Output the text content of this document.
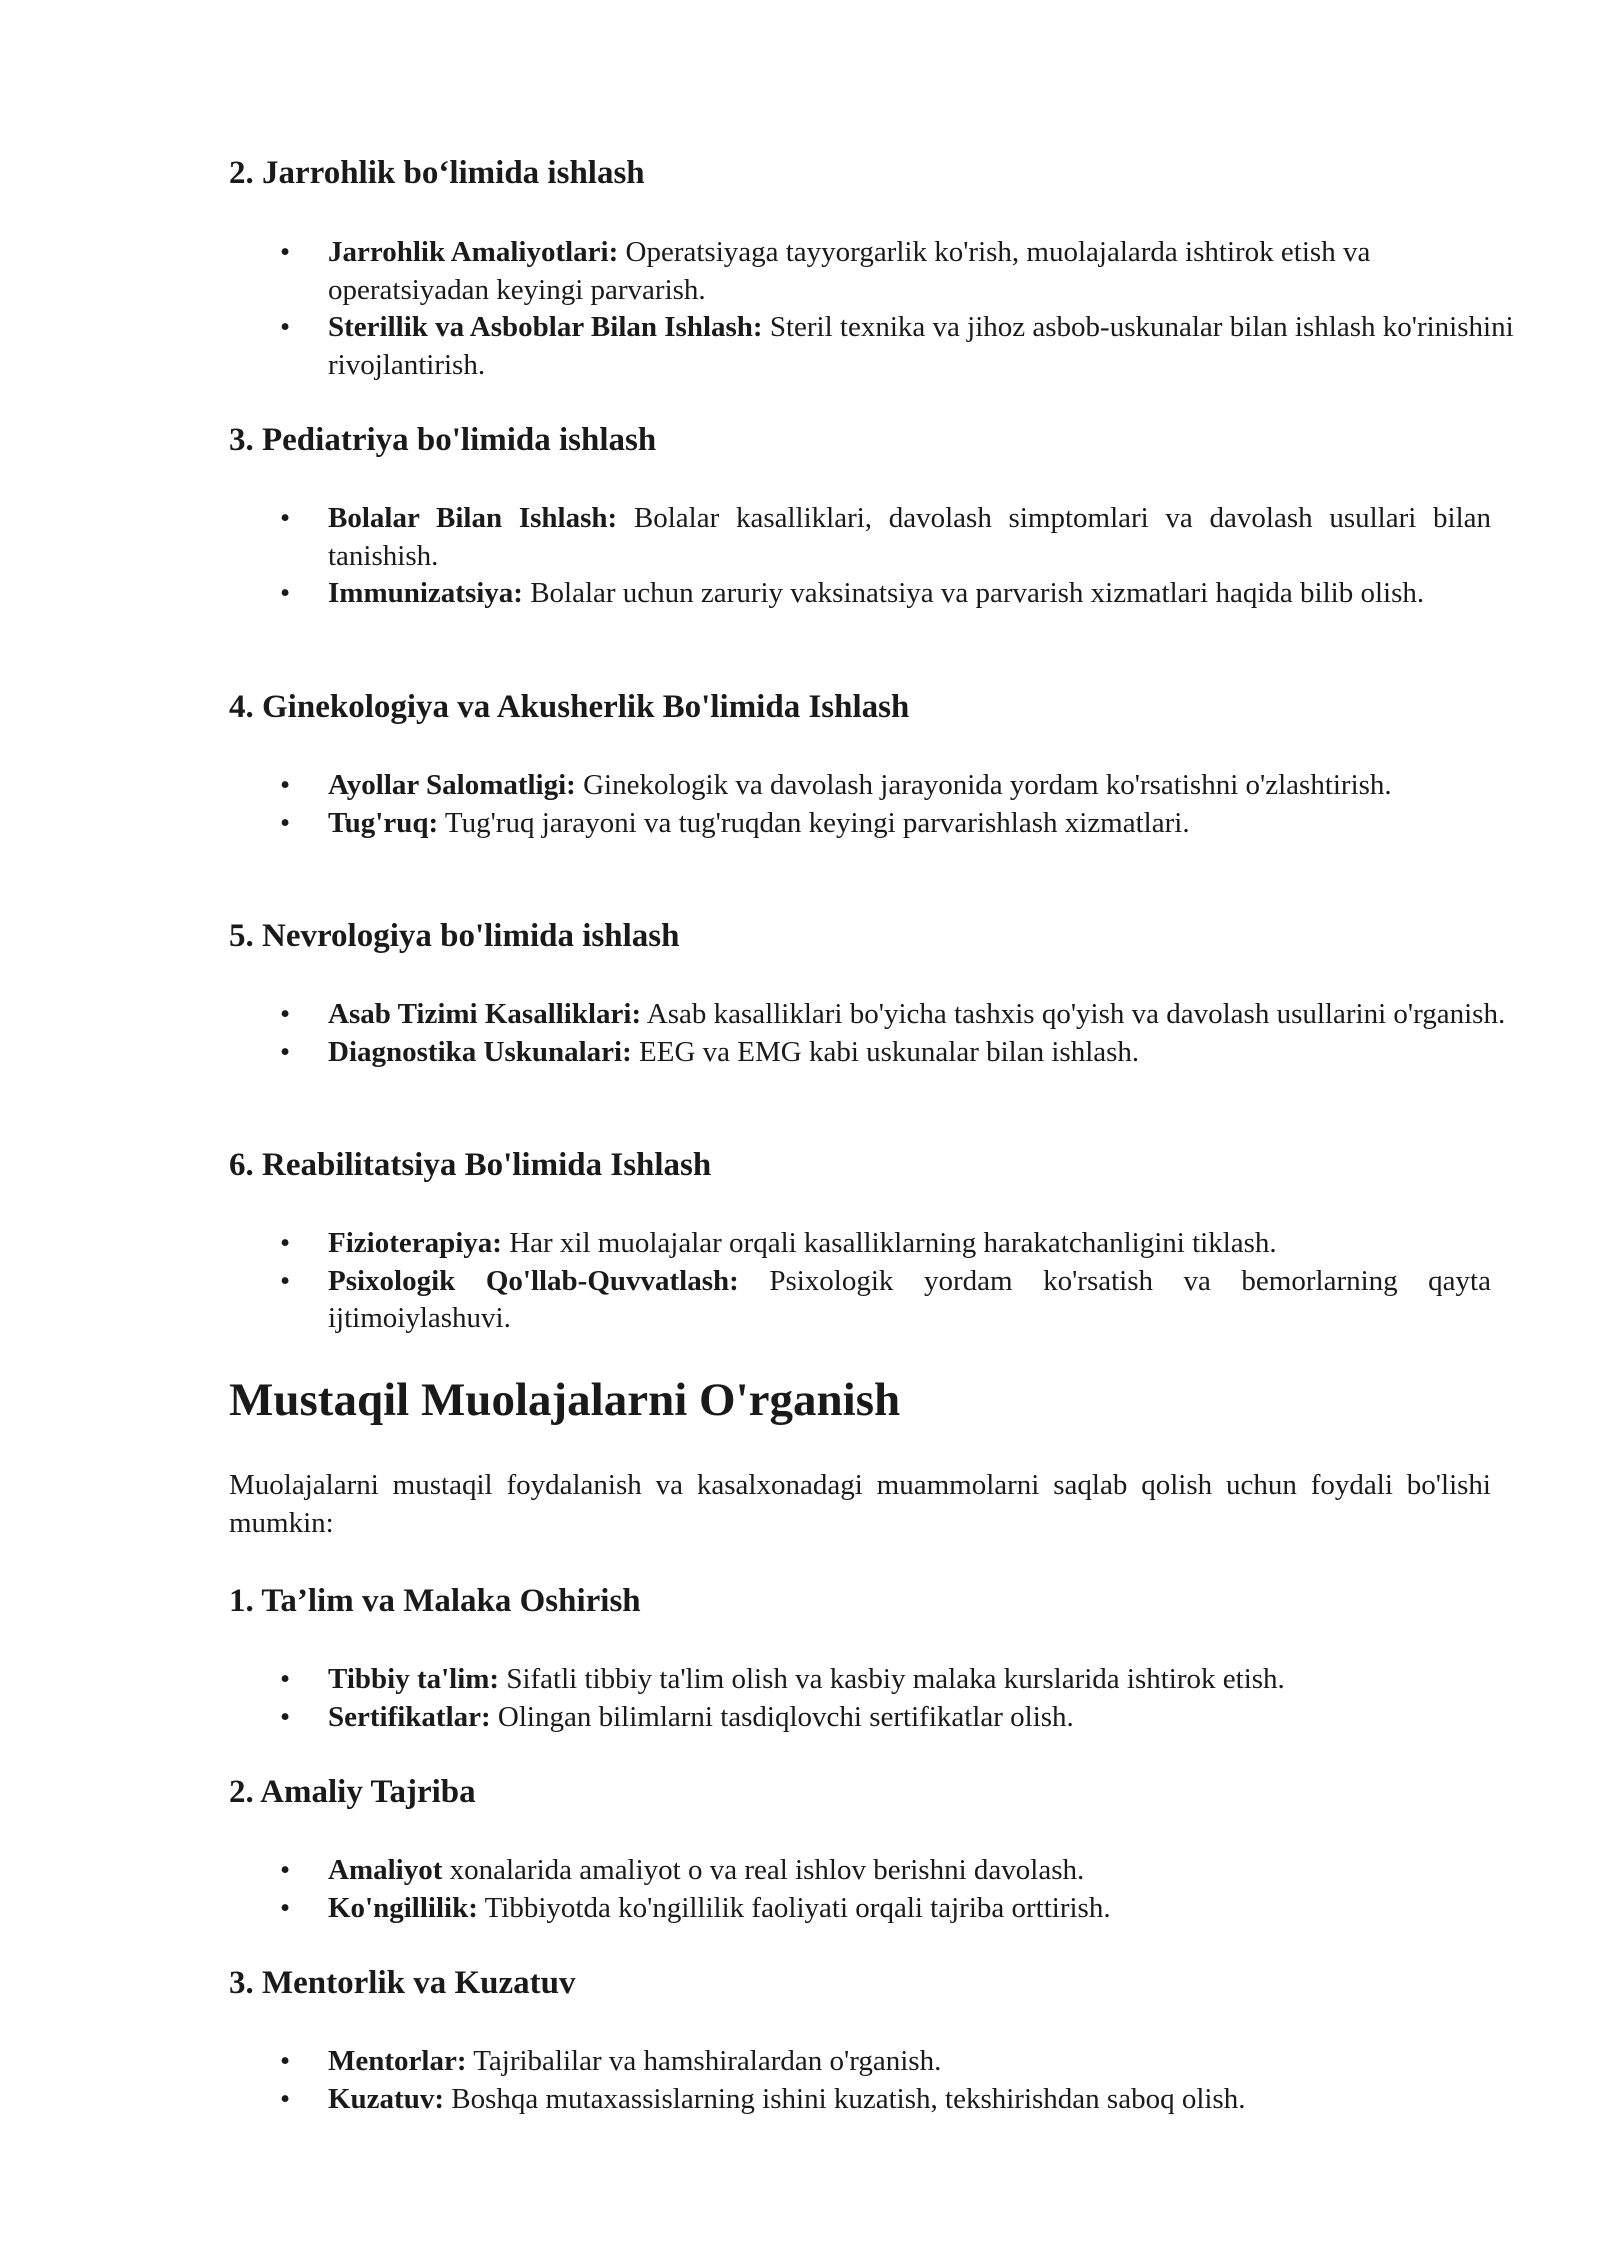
2. Jarrohlik bo‘limida ishlash
• Jarrohlik Amaliyotlari: Operatsiyaga tayyorgarlik ko'rish, muolajalarda ishtirok etish va operatsiyadan keyingi parvarish.
• Sterillik va Asboblar Bilan Ishlash: Steril texnika va jihoz asbob-uskunalar bilan ishlash ko'rinishini rivojlantirish.
3. Pediatriya bo'limida ishlash
• Bolalar Bilan Ishlash: Bolalar kasalliklari, davolash simptomlari va davolash usullari bilan tanishish.
• Immunizatsiya: Bolalar uchun zaruriy vaksinatsiya va parvarish xizmatlari haqida bilib olish.
4. Ginekologiya va Akusherlik Bo'limida Ishlash
• Ayollar Salomatligi: Ginekologik va davolash jarayonida yordam ko'rsatishni o'zlashtirish.
• Tug'ruq: Tug'ruq jarayoni va tug'ruqdan keyingi parvarishlash xizmatlari.
5. Nevrologiya bo'limida ishlash
• Asab Tizimi Kasalliklari: Asab kasalliklari bo'yicha tashxis qo'yish va davolash usullarini o'rganish.
• Diagnostika Uskunalari: EEG va EMG kabi uskunalar bilan ishlash.
6. Reabilitatsiya Bo'limida Ishlash
• Fizioterapiya: Har xil muolajalar orqali kasalliklarning harakatchanligini tiklash.
• Psixologik Qo'llab-Quvvatlash: Psixologik yordam ko'rsatish va bemorlarning qayta ijtimoiylashuvi.
Mustaqil Muolajalarni O'rganish

Muolajalarni mustaqil foydalanish va kasalxonadagi muammolarni saqlab qolish uchun foydali bo'lishi mumkin:

1. Ta’lim va Malaka Oshirish
• Tibbiy ta'lim: Sifatli tibbiy ta'lim olish va kasbiy malaka kurslarida ishtirok etish.
• Sertifikatlar: Olingan bilimlarni tasdiqlovchi sertifikatlar olish.
2. Amaliy Tajriba
• Amaliyot xonalarida amaliyot o va real ishlov berishni davolash.
• Ko'ngillilik: Tibbiyotda ko'ngillilik faoliyati orqali tajriba orttirish.
3. Mentorlik va Kuzatuv
• Mentorlar: Tajribalilar va hamshiralardan o'rganish.
• Kuzatuv: Boshqa mutaxassislarning ishini kuzatish, tekshirishdan saboq olish.
